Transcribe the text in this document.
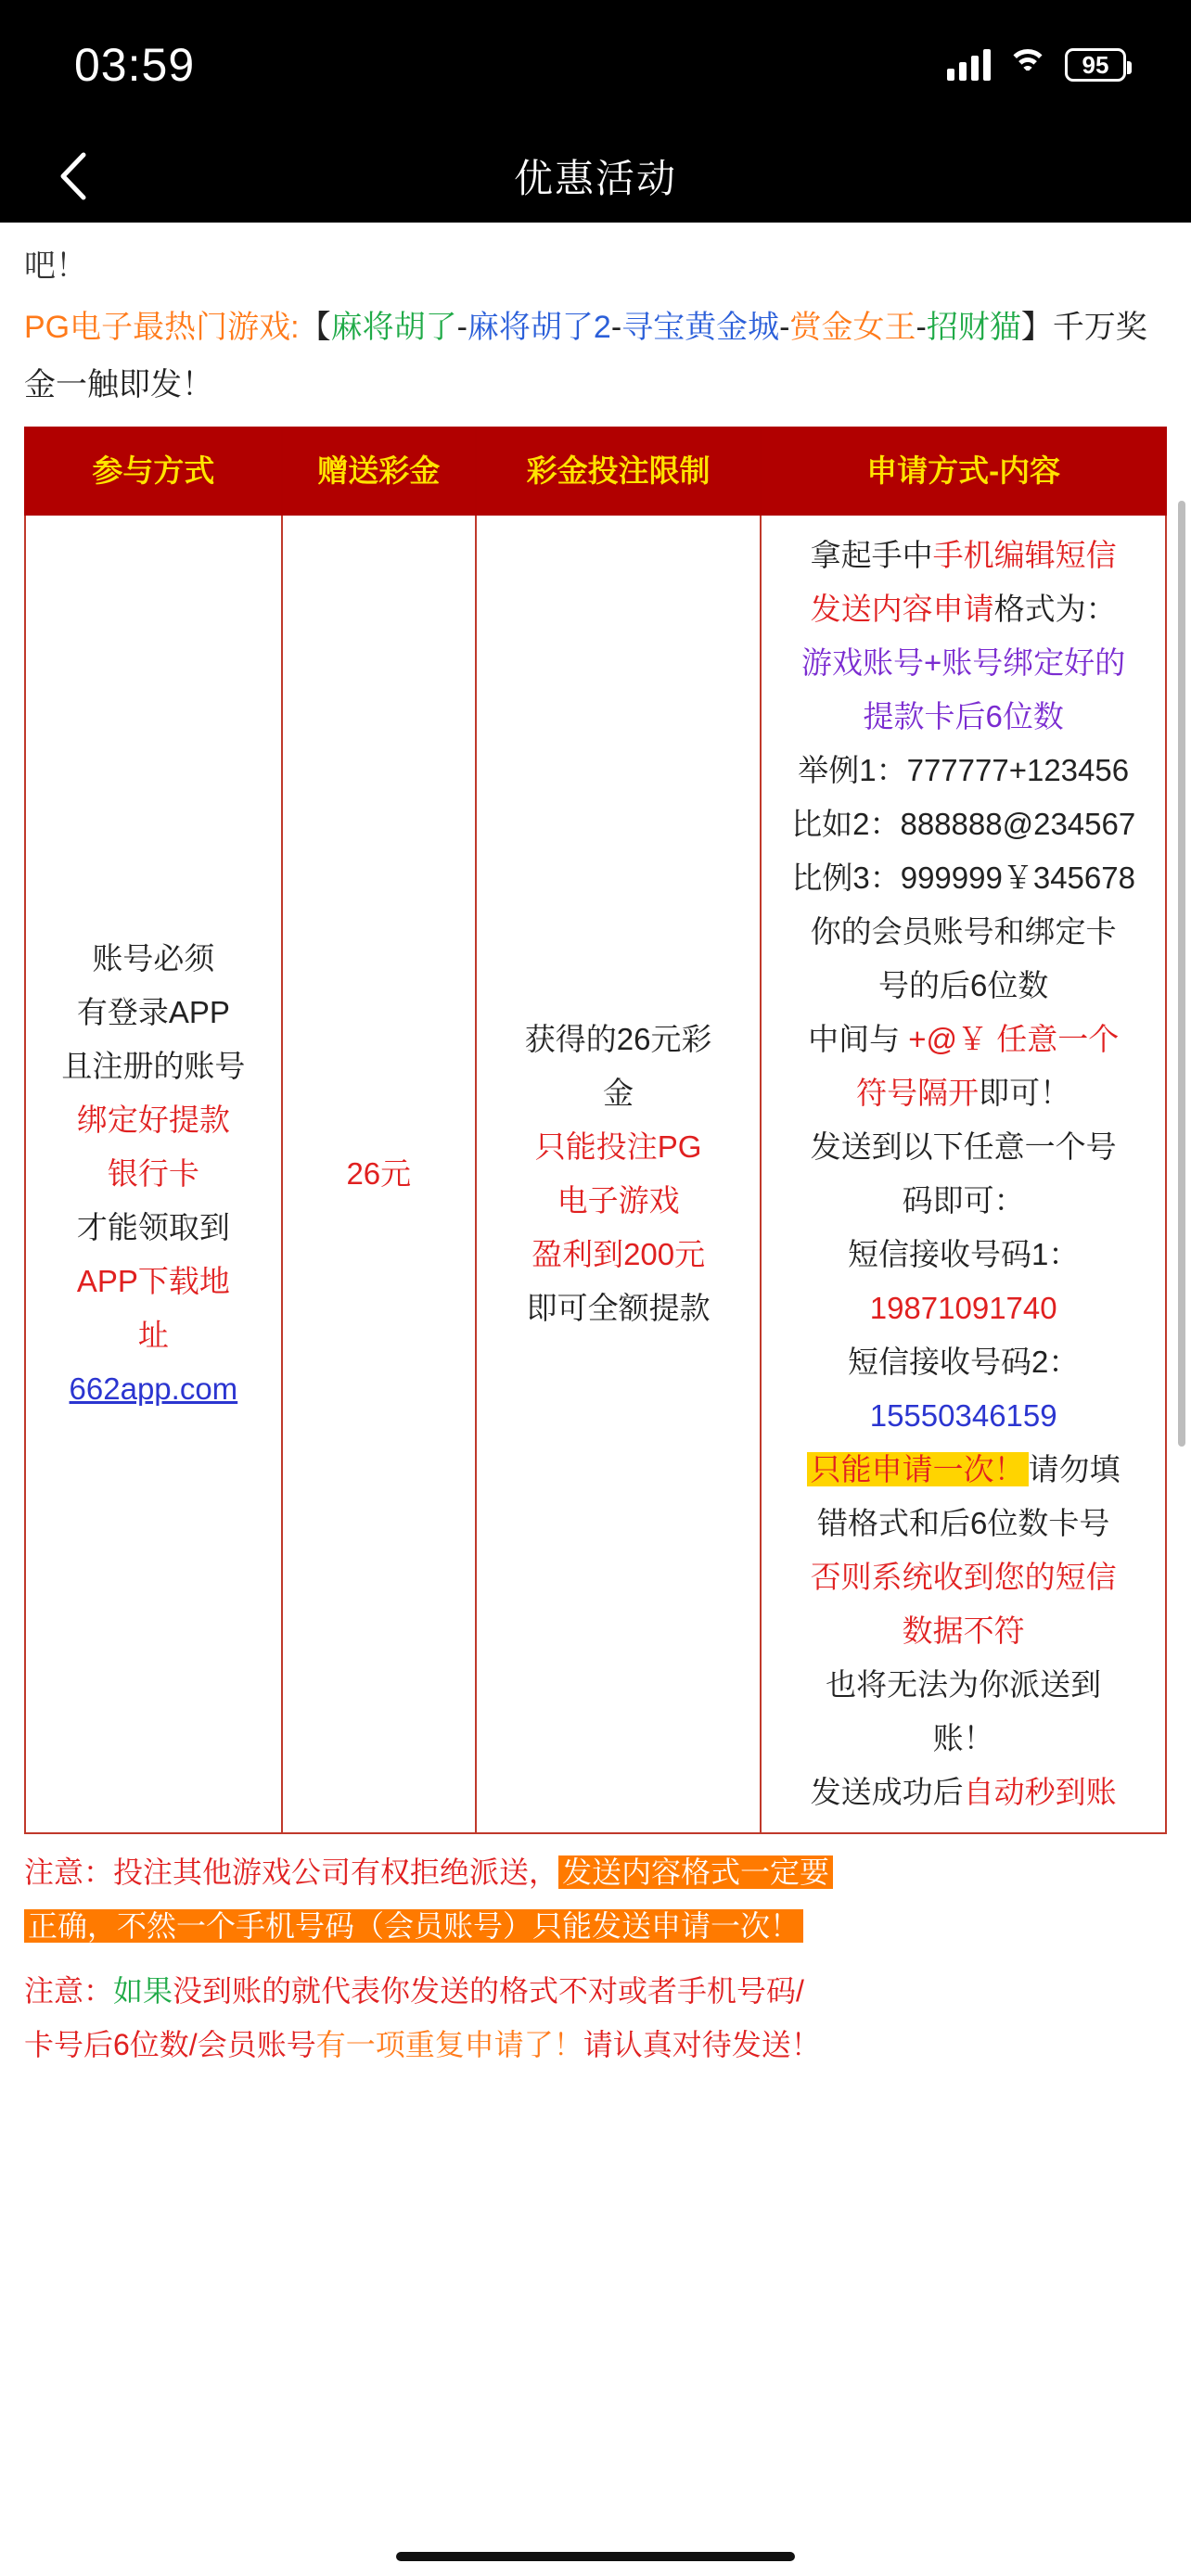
03:59	95
优惠活动
吧！
PG电子最热门游戏:【麻将胡了-麻将胡了2-寻宝黄金城-赏金女王-招财猫】千万奖金一触即发！
参与方式	赠送彩金	彩金投注限制	申请方式-内容

账号必须
有登录APP
且注册的账号
绑定好提款
银行卡
才能领取到
APP下载地
址
662app.com

26元

获得的26元彩
金
只能投注PG
电子游戏
盈利到200元
即可全额提款

拿起手中手机编辑短信
发送内容申请格式为：
游戏账号+账号绑定好的
提款卡后6位数
举例1：777777+123456
比如2：888888@234567
比例3：999999￥345678
你的会员账号和绑定卡
号的后6位数
中间与 +@￥ 任意一个
符号隔开即可！
发送到以下任意一个号
码即可：
短信接收号码1：
19871091740
短信接收号码2：
15550346159
只能申请一次！ 请勿填
错格式和后6位数卡号
否则系统收到您的短信
数据不符
也将无法为你派送到
账！
发送成功后自动秒到账
注意：投注其他游戏公司有权拒绝派送， 发送内容格式一定要
正确，不然一个手机号码（会员账号）只能发送申请一次！
注意：如果没到账的就代表你发送的格式不对或者手机号码/
卡号后6位数/会员账号有一项重复申请了！请认真对待发送！
